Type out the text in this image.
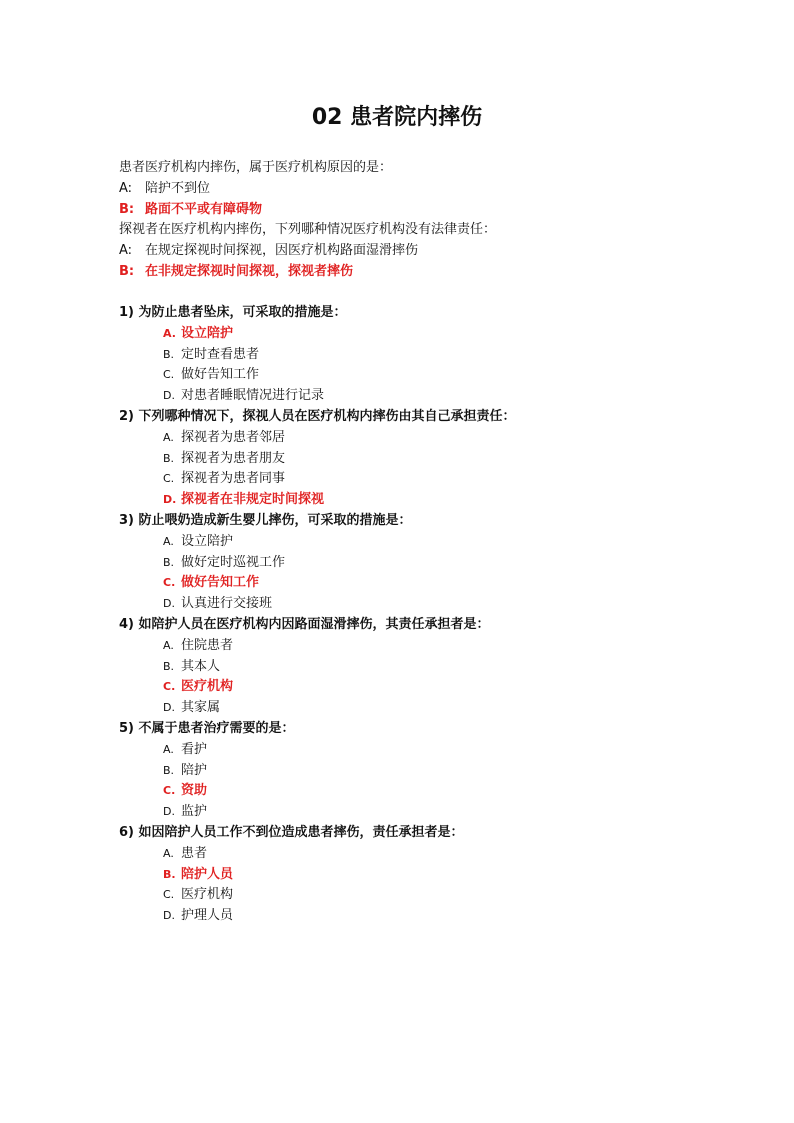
02 患者院内摔伤
患者医疗机构内摔伤，属于医疗机构原因的是：
A: 陪护不到位
B: 路面不平或有障碍物
探视者在医疗机构内摔伤，下列哪种情况医疗机构没有法律责任：
A: 在规定探视时间探视，因医疗机构路面湿滑摔伤
B: 在非规定探视时间探视，探视者摔伤
1) 为防止患者坠床，可采取的措施是：
A. 设立陪护
B. 定时查看患者
C. 做好告知工作
D. 对患者睡眠情况进行记录
2) 下列哪种情况下，探视人员在医疗机构内摔伤由其自己承担责任：
A. 探视者为患者邻居
B. 探视者为患者朋友
C. 探视者为患者同事
D. 探视者在非规定时间探视
3) 防止喂奶造成新生婴儿摔伤，可采取的措施是：
A. 设立陪护
B. 做好定时巡视工作
C. 做好告知工作
D. 认真进行交接班
4) 如陪护人员在医疗机构内因路面湿滑摔伤，其责任承担者是：
A. 住院患者
B. 其本人
C. 医疗机构
D. 其家属
5) 不属于患者治疗需要的是：
A. 看护
B. 陪护
C. 资助
D. 监护
6) 如因陪护人员工作不到位造成患者摔伤，责任承担者是：
A. 患者
B. 陪护人员
C. 医疗机构
D. 护理人员
